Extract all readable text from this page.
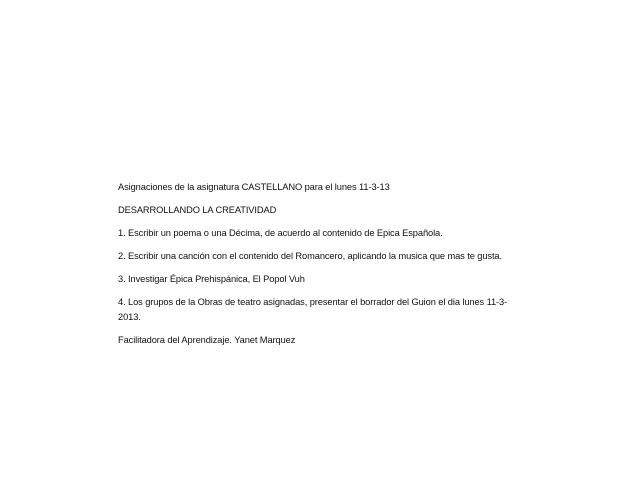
Asignaciones de la asignatura CASTELLANO para el lunes 11-3-13

DESARROLLANDO LA CREATIVIDAD

1. Escribir un poema o una Décima, de acuerdo al contenido de Epica Española.

2. Escribir una canción con el contenido del Romancero, aplicando la musica que mas te gusta.

3. Investigar Épica Prehispánica, El Popol Vuh

4. Los grupos de la Obras de teatro asignadas, presentar el borrador del Guion el dia lunes 11-3-2013.

Facilitadora del Aprendizaje. Yanet Marquez
